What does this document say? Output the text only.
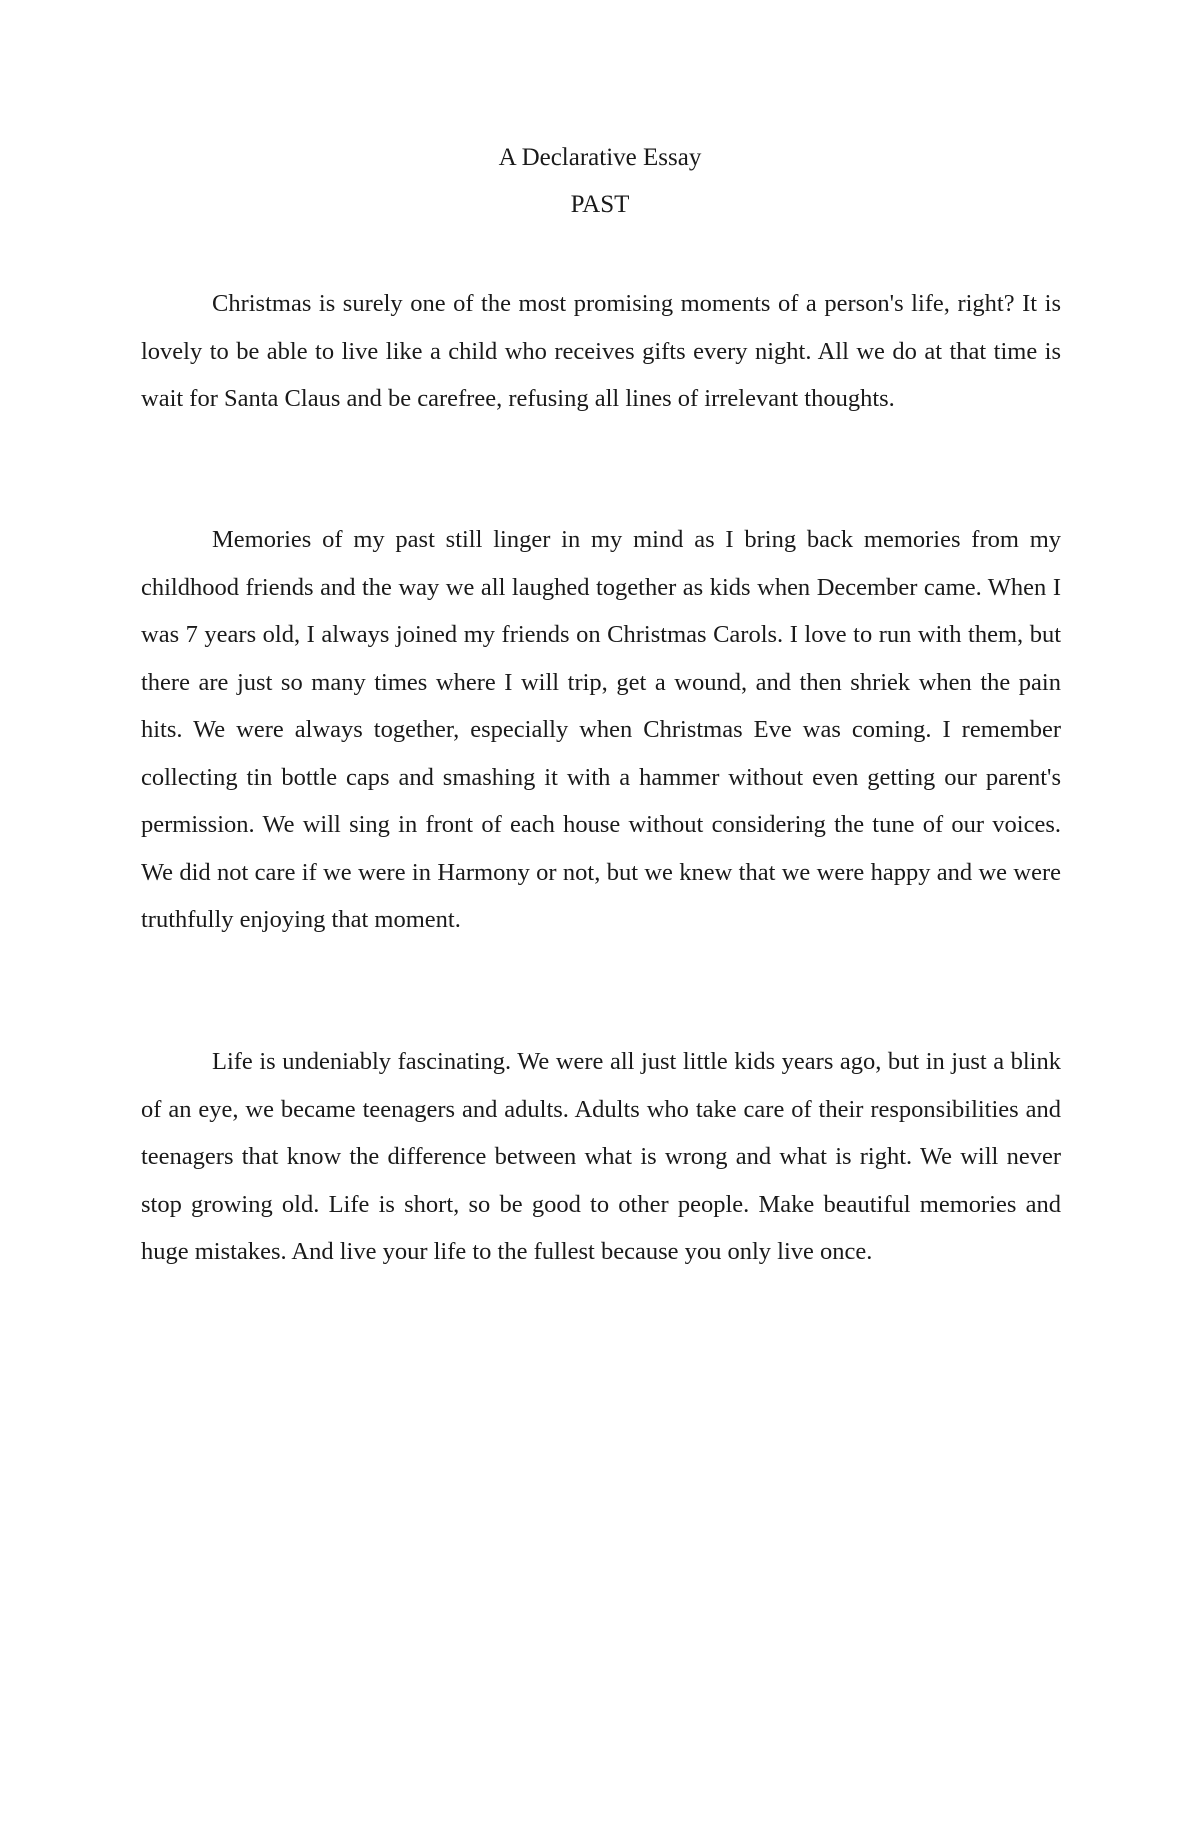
A Declarative Essay
PAST

Christmas is surely one of the most promising moments of a person's life, right? It is lovely to be able to live like a child who receives gifts every night. All we do at that time is wait for Santa Claus and be carefree, refusing all lines of irrelevant thoughts.

Memories of my past still linger in my mind as I bring back memories from my childhood friends and the way we all laughed together as kids when December came. When I was 7 years old, I always joined my friends on Christmas Carols. I love to run with them, but there are just so many times where I will trip, get a wound, and then shriek when the pain hits. We were always together, especially when Christmas Eve was coming. I remember collecting tin bottle caps and smashing it with a hammer without even getting our parent's permission. We will sing in front of each house without considering the tune of our voices. We did not care if we were in Harmony or not, but we knew that we were happy and we were truthfully enjoying that moment.

Life is undeniably fascinating. We were all just little kids years ago, but in just a blink of an eye, we became teenagers and adults. Adults who take care of their responsibilities and teenagers that know the difference between what is wrong and what is right. We will never stop growing old. Life is short, so be good to other people. Make beautiful memories and huge mistakes. And live your life to the fullest because you only live once.
